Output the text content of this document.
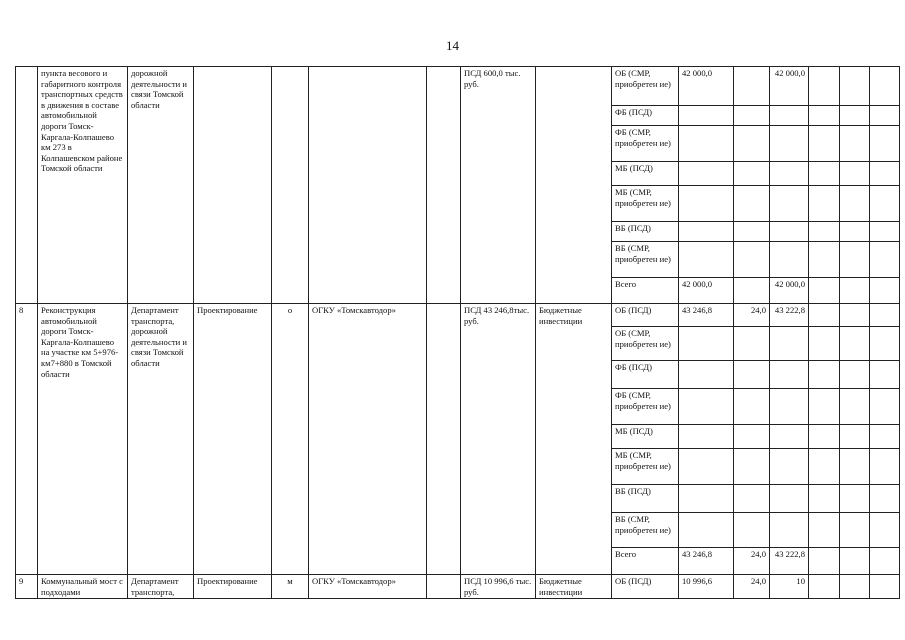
14
	пункта весового и габаритного контроля транспортных средств в движения в составе автомобильной дороги Томск-Каргала-Колпашево км 273 в Колпашевском районе Томской области	дорожной деятельности и связи Томской области					ПСД 600,0 тыс. руб.		ОБ (СМР, приобретен ие)	42 000,0		42 000,0			
									ФБ (ПСД)						
									ФБ (СМР, приобретен ие)						
									МБ (ПСД)						
									МБ (СМР, приобретен ие)						
									ВБ (ПСД)						
									ВБ (СМР, приобретен ие)						
									Всего	42 000,0		42 000,0			
8	Реконструкция автомобильной дороги Томск-Каргала-Колпашево на участке км 5+976-км7+880 в Томской области	Департамент транспорта, дорожной деятельности и связи Томской области	Проектирование	о	ОГКУ «Томскавтодор»		ПСД 43 246,8тыс. руб.	Бюджетные инвестиции	ОБ (ПСД)	43 246,8	24,0	43 222,8			
									ОБ (СМР, приобретен ие)						
									ФБ (ПСД)						
									ФБ (СМР, приобретен ие)						
									МБ (ПСД)						
									МБ (СМР, приобретен ие)						
									ВБ (ПСД)						
									ВБ (СМР, приобретен ие)						
									Всего	43 246,8	24,0	43 222,8			
9	Коммунальный мост с подходами	Департамент транспорта,	Проектирование	м	ОГКУ «Томскавтодор»		ПСД 10 996,6 тыс. руб.	Бюджетные инвестиции	ОБ (ПСД)	10 996,6	24,0	10			
